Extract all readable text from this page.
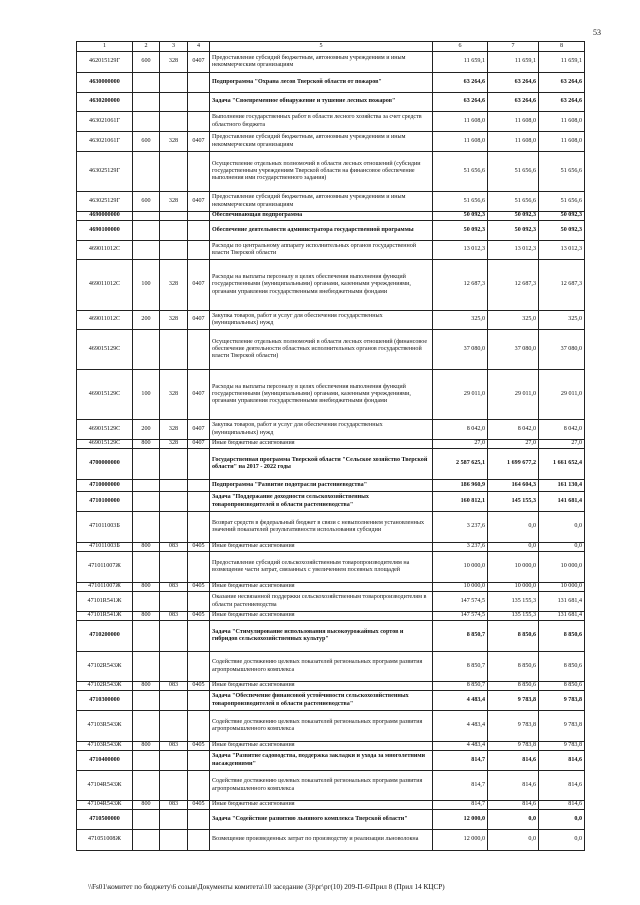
53
1	2	3	4	5	6	7	8
462015129Г	600	328	0407	Предоставление субсидий бюджетным, автономным учреждениям и иным некоммерческим организациям	11 659,1	11 659,1	11 659,1
4630000000				Подпрограмма "Охрана лесов Тверской области от пожаров"	63 264,6	63 264,6	63 264,6
4630200000				Задача "Своевременное обнаружение и тушение лесных пожаров"	63 264,6	63 264,6	63 264,6
463021061Г				Выполнение государственных работ в области лесного хозяйства за счет средств областного бюджета	11 608,0	11 608,0	11 608,0
463021061Г	600	328	0407	Предоставление субсидий бюджетным, автономным учреждениям и иным некоммерческим организациям	11 608,0	11 608,0	11 608,0
463025129Г				Осуществление отдельных полномочий в области лесных отношений (субсидии государственным учреждениям Тверской области на финансовое обеспечение выполнения ими государственного задания)	51 656,6	51 656,6	51 656,6
463025129Г	600	328	0407	Предоставление субсидий бюджетным, автономным учреждениям и иным некоммерческим организациям	51 656,6	51 656,6	51 656,6
4690000000				Обеспечивающая подпрограмма	50 092,3	50 092,3	50 092,3
4690100000				Обеспечение деятельности администратора государственной программы	50 092,3	50 092,3	50 092,3
469011012С				Расходы по центральному аппарату исполнительных органов государственной власти Тверской области	13 012,3	13 012,3	13 012,3
469011012С	100	328	0407	Расходы на выплаты персоналу в целях обеспечения выполнения функций государственными (муниципальными) органами, казенными учреждениями, органами управления государственными внебюджетными фондами	12 687,3	12 687,3	12 687,3
469011012С	200	328	0407	Закупка товаров, работ и услуг для обеспечения государственных (муниципальных) нужд	325,0	325,0	325,0
469015129С				Осуществление отдельных полномочий в области лесных отношений (финансовое обеспечение деятельности областных исполнительных органов государственной власти Тверской области)	37 080,0	37 080,0	37 080,0
469015129С	100	328	0407	Расходы на выплаты персоналу в целях обеспечения выполнения функций государственными (муниципальными) органами, казенными учреждениями, органами управления государственными внебюджетными фондами	29 011,0	29 011,0	29 011,0
469015129С	200	328	0407	Закупка товаров, работ и услуг для обеспечения государственных (муниципальных) нужд	8 042,0	8 042,0	8 042,0
469015129С	800	328	0407	Иные бюджетные ассигнования	27,0	27,0	27,0
4700000000				Государственная программа Тверской области "Сельское хозяйство Тверской области" на 2017 - 2022 годы	2 587 625,1	1 699 677,2	1 661 652,4
4710000000				Подпрограмма "Развитие подотрасли растениеводства"	186 960,9	164 604,3	161 130,4
4710100000				Задача "Поддержание доходности сельскохозяйственных товаропроизводителей в области растениеводства"	160 812,1	145 155,3	141 681,4
471011003Б				Возврат средств в федеральный бюджет в связи с невыполнением установленных значений показателей результативности использования субсидии	3 237,6	0,0	0,0
471011003Б	800	083	0405	Иные бюджетные ассигнования	3 237,6	0,0	0,0
471011007Ж				Предоставление субсидий сельскохозяйственным товаропроизводителям на возмещение части затрат, связанных с увеличением посевных площадей	10 000,0	10 000,0	10 000,0
471011007Ж	800	083	0405	Иные бюджетные ассигнования	10 000,0	10 000,0	10 000,0
47101R541Ж				Оказание несвязанной поддержки сельскохозяйственным товаропроизводителям в области растениеводства	147 574,5	135 155,3	131 681,4
47101R541Ж	800	083	0405	Иные бюджетные ассигнования	147 574,5	135 155,3	131 681,4
4710200000				Задача "Стимулирование использования высокоурожайных сортов и гибридов сельскохозяйственных культур"	8 850,7	8 850,6	8 850,6
47102R543Ж				Содействие достижению целевых показателей региональных программ развития агропромышленного комплекса	8 850,7	8 850,6	8 850,6
47102R543Ж	800	083	0405	Иные бюджетные ассигнования	8 850,7	8 850,6	8 850,6
4710300000				Задача "Обеспечение финансовой устойчивости сельскохозяйственных товаропроизводителей в области растениеводства"	4 483,4	9 783,8	9 783,8
47103R543Ж				Содействие достижению целевых показателей региональных программ развития агропромышленного комплекса	4 483,4	9 783,8	9 783,8
47103R543Ж	800	083	0405	Иные бюджетные ассигнования	4 483,4	9 783,8	9 783,8
4710400000				Задача "Развитие садоводства, поддержка закладки и ухода за многолетними насаждениями"	814,7	814,6	814,6
47104R543Ж				Содействие достижению целевых показателей региональных программ развития агропромышленного комплекса	814,7	814,6	814,6
47104R543Ж	800	083	0405	Иные бюджетные ассигнования	814,7	814,6	814,6
4710500000				Задача "Содействие развитию льняного комплекса Тверской области"	12 000,0	0,0	0,0
471051008Ж				Возмещение произведенных затрат по производству и реализации льноволокна	12 000,0	0,0	0,0
\\Fs01\комитет по бюджету\6 созыв\Документы комитета\10 заседание (3)\рг\рг(10) 209-П-6\Прил 8 (Прил 14 КЦСР)
